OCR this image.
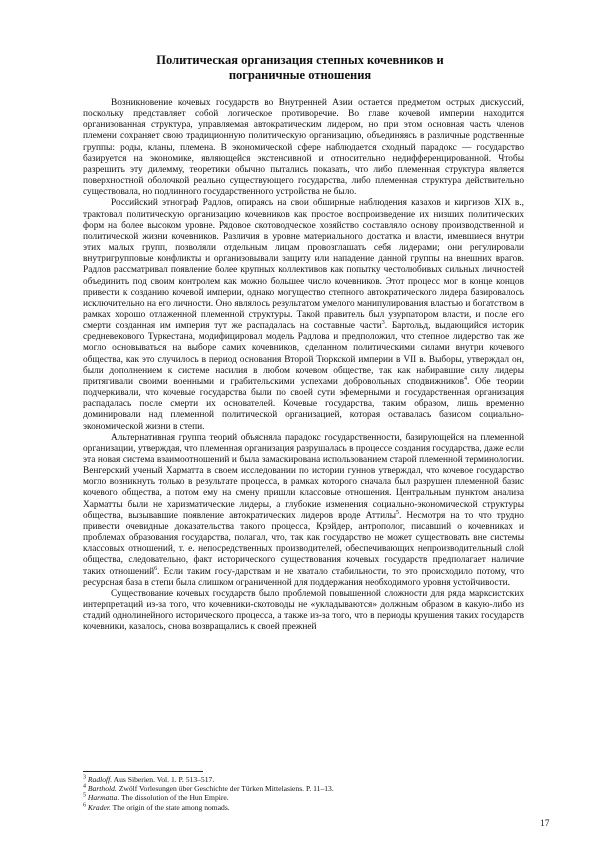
Политическая организация степных кочевников и
пограничные отношения

Возникновение кочевых государств во Внутренней Азии остается предметом острых дискуссий, поскольку представляет собой логическое противоречие. Во главе кочевой империи находится организованная структура, управляемая автократическим лидером, но при этом основная часть членов племени сохраняет свою традиционную политическую организацию, объединяясь в различные родственные группы: роды, кланы, племена. В экономической сфере наблюдается сходный парадокс — государство базируется на экономике, являющейся экстенсивной и относительно недифференцированной. Чтобы разрешить эту дилемму, теоретики обычно пытались показать, что либо племенная структура является поверхностной оболочкой реально существующего государства, либо племенная структура действительно существовала, но подлинного государственного устройства не было.

Российский этнограф Радлов, опираясь на свои обширные наблюдения казахов и киргизов XIX в., трактовал политическую организацию кочевников как простое воспроизведение их низших политических форм на более высоком уровне. Рядовое скотоводческое хозяйство составляло основу производственной и политической жизни кочевников. Различия в уровне материального достатка и власти, имевшиеся внутри этих малых групп, позволяли отдельным лицам провозглашать себя лидерами; они регулировали внутригрупповые конфликты и организовывали защиту или нападение данной группы на внешних врагов. Радлов рассматривал появление более крупных коллективов как попытку честолюбивых сильных личностей объединить под своим контролем как можно большее число кочевников. Этот процесс мог в конце концов привести к созданию кочевой империи, однако могущество степного автократического лидера базировалось исключительно на его личности. Оно являлось результатом умелого манипулирования властью и богатством в рамках хорошо отлаженной племенной структуры. Такой правитель был узурпатором власти, и после его смерти созданная им империя тут же распадалась на составные части$^3$. Бартольд, выдающийся историк средневекового Туркестана, модифицировал модель Радлова и предположил, что степное лидерство так же могло основываться на выборе самих кочевников, сделанном политическими силами внутри кочевого общества, как это случилось в период основания Второй Тюркской империи в VII в. Выборы, утверждал он, были дополнением к системе насилия в любом кочевом обществе, так как набиравшие силу лидеры притягивали своими военными и грабительскими успехами добровольных сподвижников$^4$. Обе теории подчеркивали, что кочевые государства были по своей сути эфемерными и государственная организация распадалась после смерти их основателей. Кочевые государства, таким образом, лишь временно доминировали над племенной политической организацией, которая оставалась базисом социально-экономической жизни в степи.

Альтернативная группа теорий объясняла парадокс государственности, базирующейся на племенной организации, утверждая, что племенная организация разрушалась в процессе создания государства, даже если эта новая система взаимоотношений и была замаскирована использованием старой племенной терминологии. Венгерский ученый Харматта в своем исследовании по истории гуннов утверждал, что кочевое государство могло возникнуть только в результате процесса, в рамках которого сначала был разрушен племенной базис кочевого общества, а потом ему на смену пришли классовые отношения. Центральным пунктом анализа Харматты были не харизматические лидеры, а глубокие изменения социально-экономической структуры общества, вызывавшие появление автократических лидеров вроде Аттилы$^5$. Несмотря на то что трудно привести очевидные доказательства такого процесса, Крэйдер, антрополог, писавший о кочевниках и проблемах образования государства, полагал, что, так как государство не может существовать вне системы классовых отношений, т. е. непосредственных производителей, обеспечивающих непроизводительный слой общества, следовательно, факт исторического существования кочевых государств предполагает наличие таких отношений$^6$. Если таким госу-дарствам и не хватало стабильности, то это происходило потому, что ресурсная база в степи была слишком ограниченной для поддержания необходимого уровня устойчивости.

Существование кочевых государств было проблемой повышенной сложности для ряда марксистских интерпретаций из-за того, что кочевники-скотоводы не «укладываются» должным образом в какую-либо из стадий однолинейного исторического процесса, а также из-за того, что в периоды крушения таких государств кочевники, казалось, снова возвращались к своей прежней

$^3$ Radloff. Aus Siberien. Vol. 1. P. 513–517.

$^4$ Barthold. Zwölf Vorlesungen über Geschichte der Türken Mittelasiens. P. 11–13.

$^5$ Harmatta. The dissolution of the Hun Empire.

$^6$ Krader. The origin of the state among nomads.

17
